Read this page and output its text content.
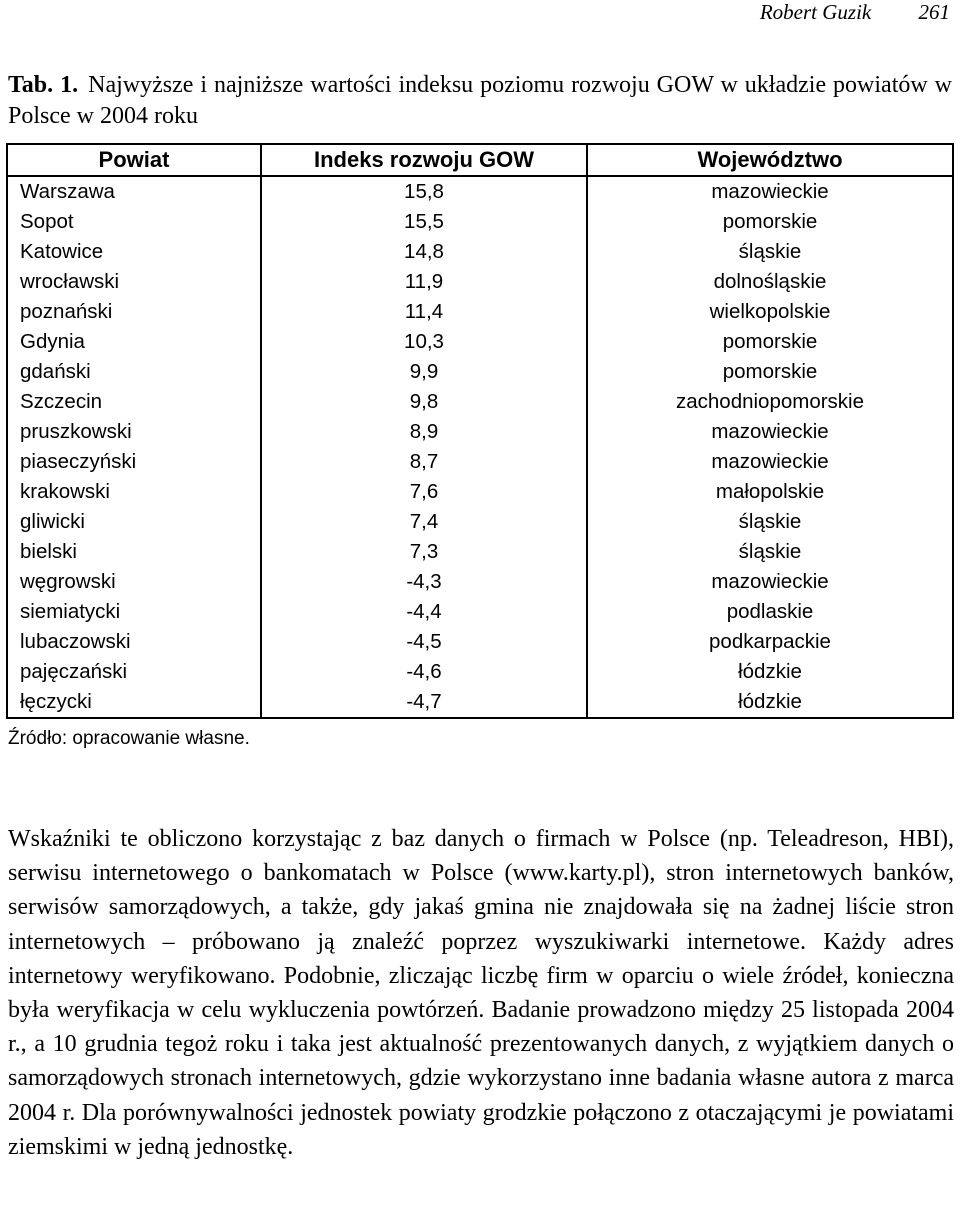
Robert Guzik 261
Tab. 1. Najwyższe i najniższe wartości indeksu poziomu rozwoju GOW w układzie powiatów w Polsce w 2004 roku
Powiat	Indeks rozwoju GOW	Województwo
Warszawa	15,8	mazowieckie
Sopot	15,5	pomorskie
Katowice	14,8	śląskie
wrocławski	11,9	dolnośląskie
poznański	11,4	wielkopolskie
Gdynia	10,3	pomorskie
gdański	9,9	pomorskie
Szczecin	9,8	zachodniopomorskie
pruszkowski	8,9	mazowieckie
piaseczyński	8,7	mazowieckie
krakowski	7,6	małopolskie
gliwicki	7,4	śląskie
bielski	7,3	śląskie
węgrowski	-4,3	mazowieckie
siemiatycki	-4,4	podlaskie
lubaczowski	-4,5	podkarpackie
pajęczański	-4,6	łódzkie
łęczycki	-4,7	łódzkie
Źródło: opracowanie własne.

Wskaźniki te obliczono korzystając z baz danych o firmach w Polsce (np. Teleadreson, HBI), serwisu internetowego o bankomatach w Polsce (www.karty.pl), stron internetowych banków, serwisów samorządowych, a także, gdy jakaś gmina nie znajdowała się na żadnej liście stron internetowych – próbowano ją znaleźć poprzez wyszukiwarki internetowe. Każdy adres internetowy weryfikowano. Podobnie, zliczając liczbę firm w oparciu o wiele źródeł, konieczna była weryfikacja w celu wykluczenia powtórzeń. Badanie prowadzono między 25 listopada 2004 r., a 10 grudnia tegoż roku i taka jest aktualność prezentowanych danych, z wyjątkiem danych o samorządowych stronach internetowych, gdzie wykorzystano inne badania własne autora z marca 2004 r. Dla porównywalności jednostek powiaty grodzkie połączono z otaczającymi je powiatami ziemskimi w jedną jednostkę.
